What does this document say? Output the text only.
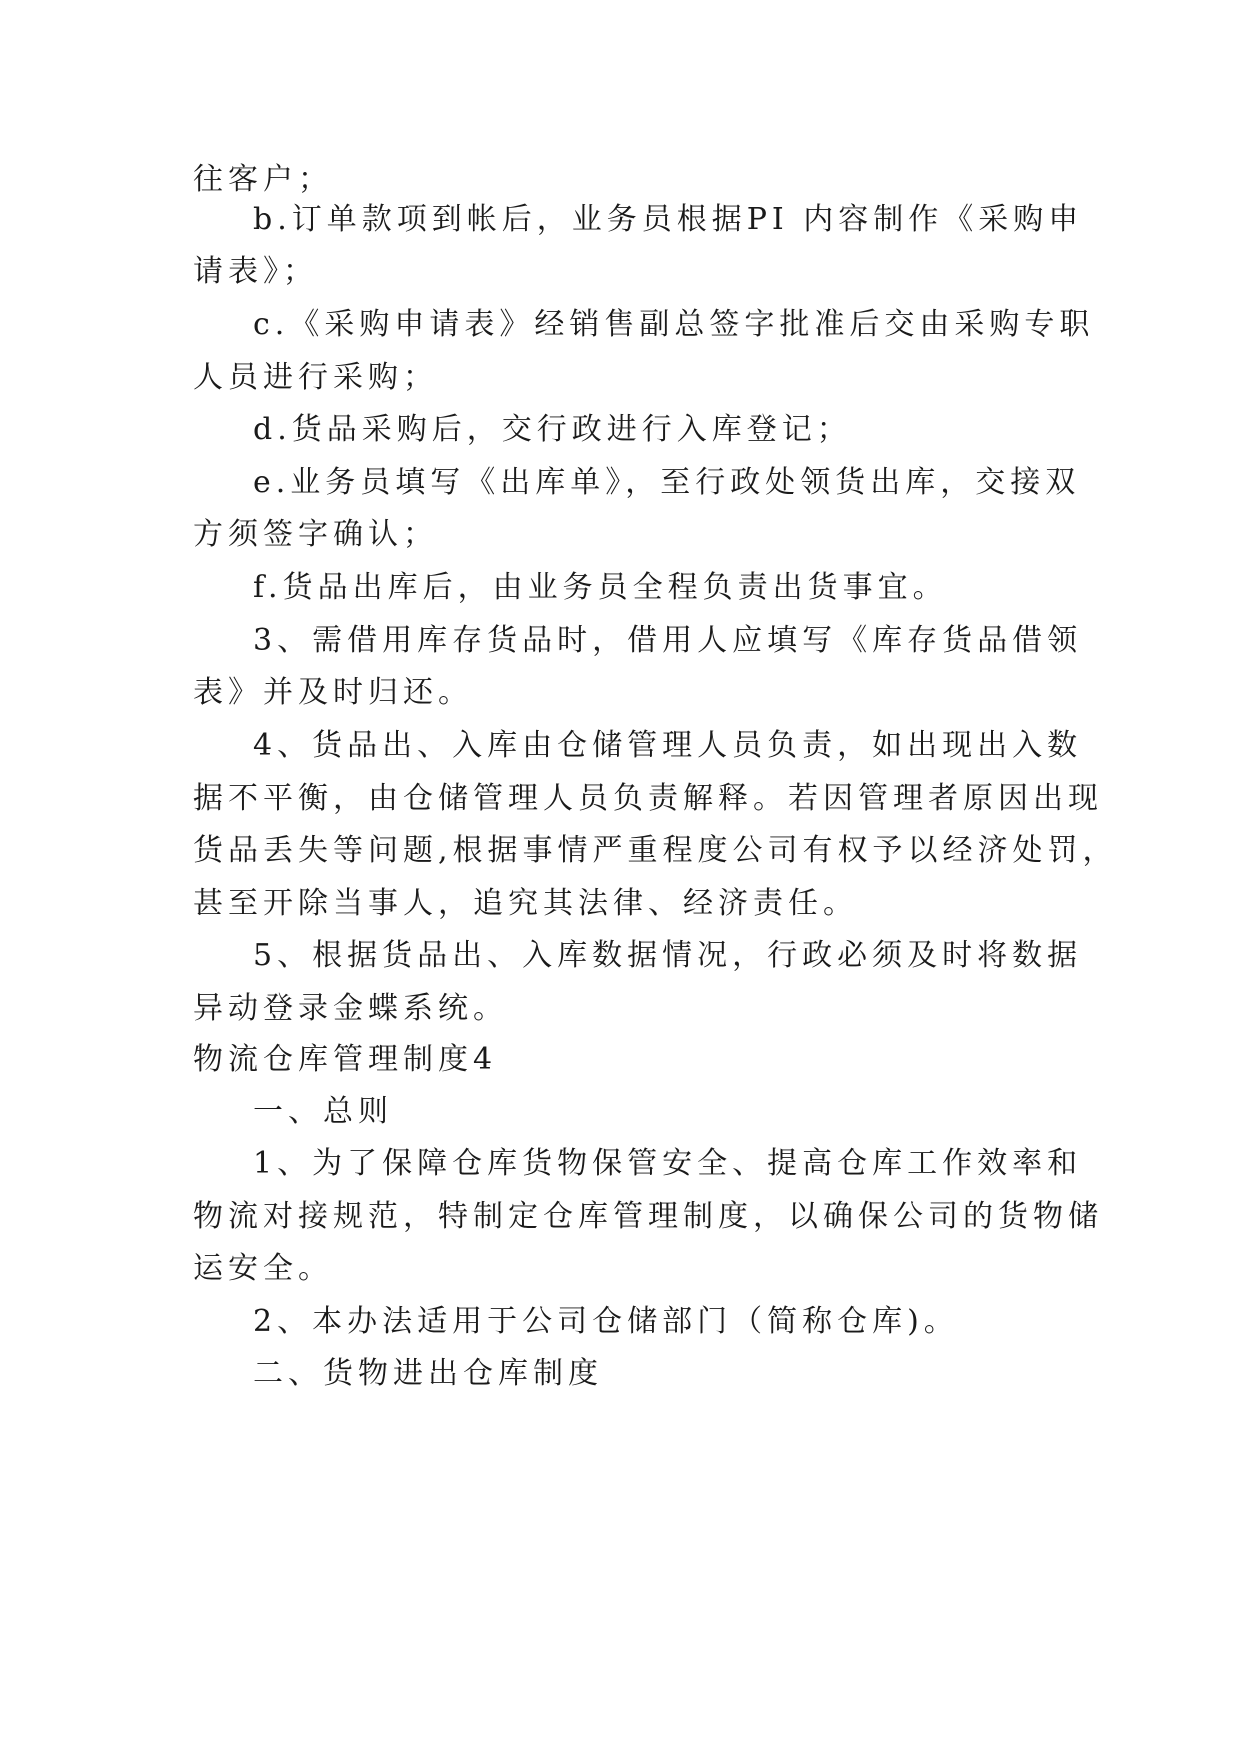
往客户；
b.订单款项到帐后，业务员根据PI 内容制作《采购申
请表》；
c.《采购申请表》经销售副总签字批准后交由采购专职
人员进行采购；
d.货品采购后，交行政进行入库登记；
e.业务员填写《出库单》，至行政处领货出库，交接双
方须签字确认；
f.货品出库后，由业务员全程负责出货事宜。
3、需借用库存货品时，借用人应填写《库存货品借领
表》并及时归还。
4、货品出、入库由仓储管理人员负责，如出现出入数
据不平衡，由仓储管理人员负责解释。若因管理者原因出现
货品丢失等问题,根据事情严重程度公司有权予以经济处罚，
甚至开除当事人，追究其法律、经济责任。
5、根据货品出、入库数据情况，行政必须及时将数据
异动登录金蝶系统。
物流仓库管理制度4
一、总则
1、为了保障仓库货物保管安全、提高仓库工作效率和
物流对接规范，特制定仓库管理制度，以确保公司的货物储
运安全。
2、本办法适用于公司仓储部门（简称仓库)。
二、货物进出仓库制度
